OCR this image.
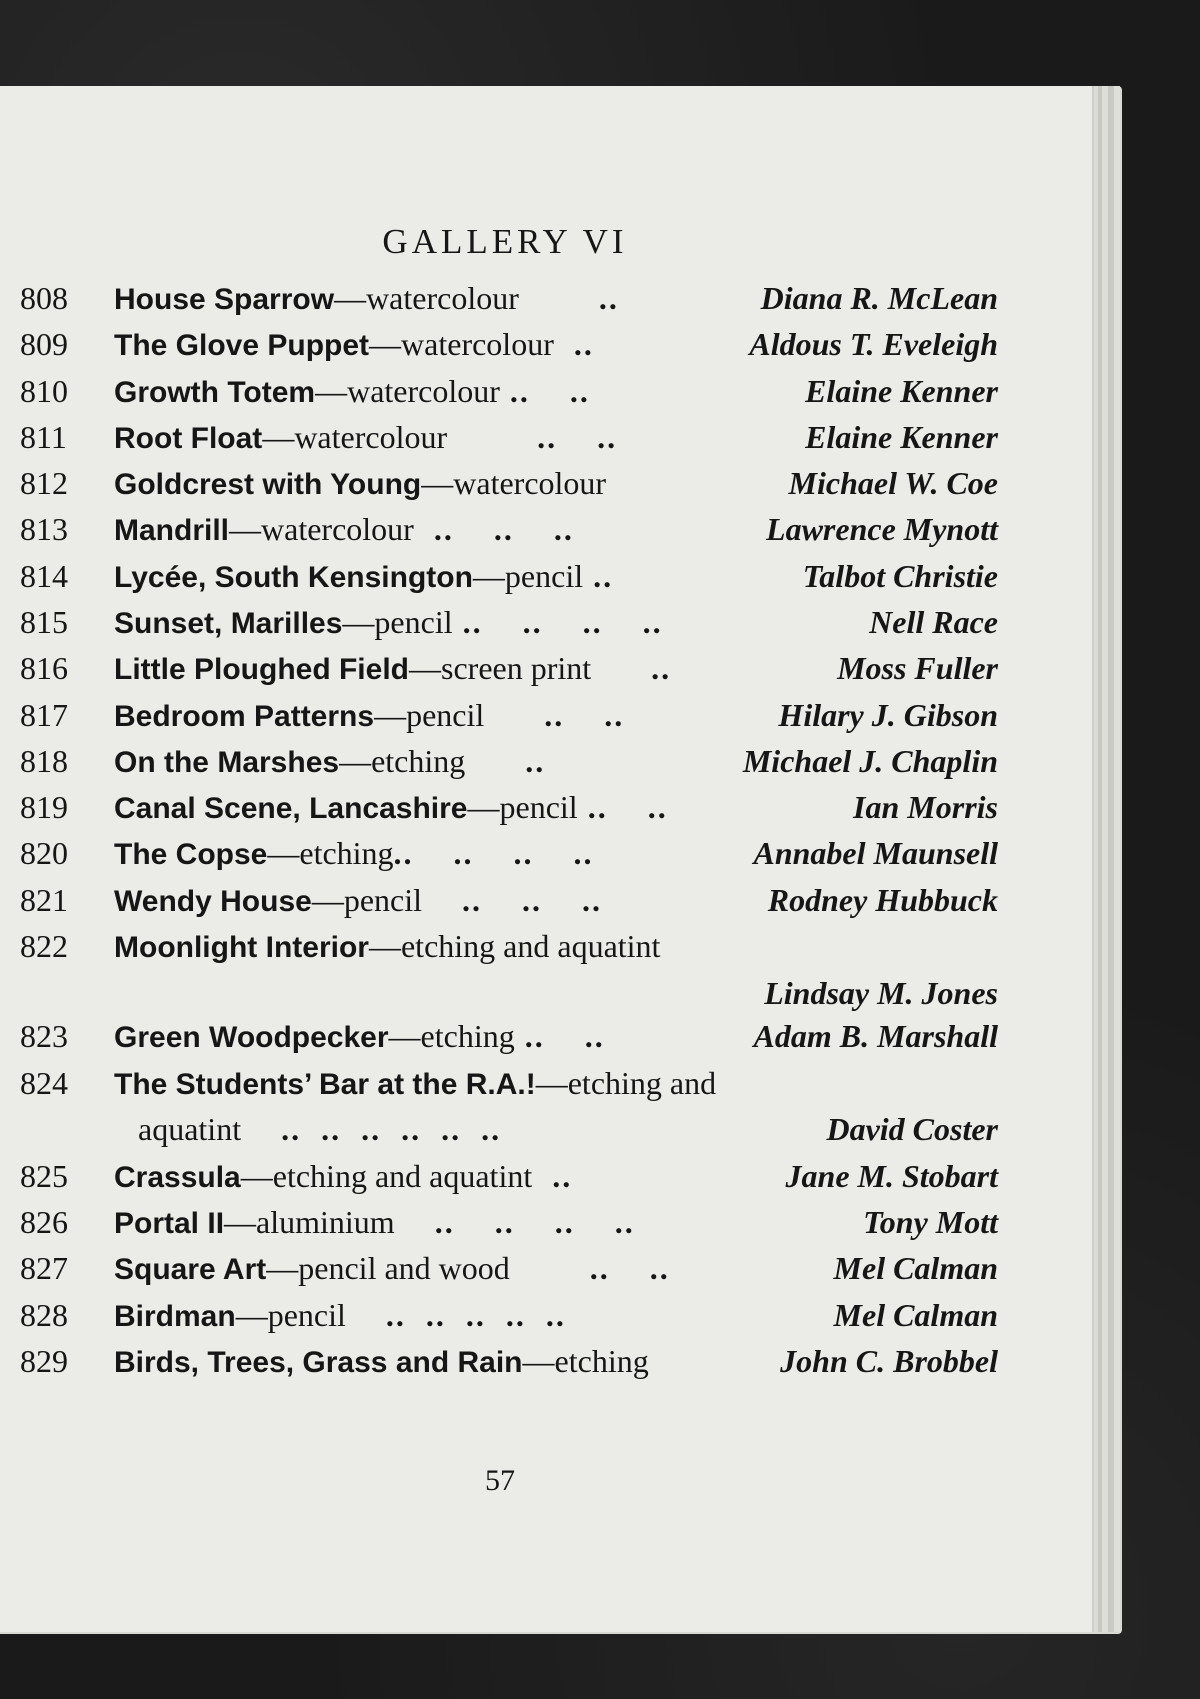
GALLERY VI
808 House Sparrow—watercolour        ..	Diana R. McLean
809 The Glove Puppet—watercolour  ..	Aldous T. Eveleigh
810 Growth Totem—watercolour ..    ..	Elaine Kenner
811 Root Float—watercolour         ..    ..	Elaine Kenner
812 Goldcrest with Young—watercolour	Michael W. Coe
813 Mandrill—watercolour  ..    ..    ..	Lawrence Mynott
814 Lycée, South Kensington—pencil ..	Talbot Christie
815 Sunset, Marilles—pencil ..    ..    ..    ..	Nell Race
816 Little Ploughed Field—screen print      ..	Moss Fuller
817 Bedroom Patterns—pencil      ..    ..	Hilary J. Gibson
818 On the Marshes—etching      ..	Michael J. Chaplin
819 Canal Scene, Lancashire—pencil ..    ..	Ian Morris
820 The Copse—etching..    ..    ..    ..	Annabel Maunsell
821 Wendy House—pencil    ..    ..    ..	Rodney Hubbuck
822 Moonlight Interior—etching and aquatint
Lindsay M. Jones
823 Green Woodpecker—etching ..    ..	Adam B. Marshall
824 The Students’ Bar at the R.A.!—etching and
aquatint    ..  ..  ..  ..  ..  ..	David Coster
825 Crassula—etching and aquatint  ..	Jane M. Stobart
826 Portal II—aluminium    ..    ..    ..    ..	Tony Mott
827 Square Art—pencil and wood        ..    ..	Mel Calman
828 Birdman—pencil    ..  ..  ..  ..  ..	Mel Calman
829 Birds, Trees, Grass and Rain—etching	John C. Brobbel
57
